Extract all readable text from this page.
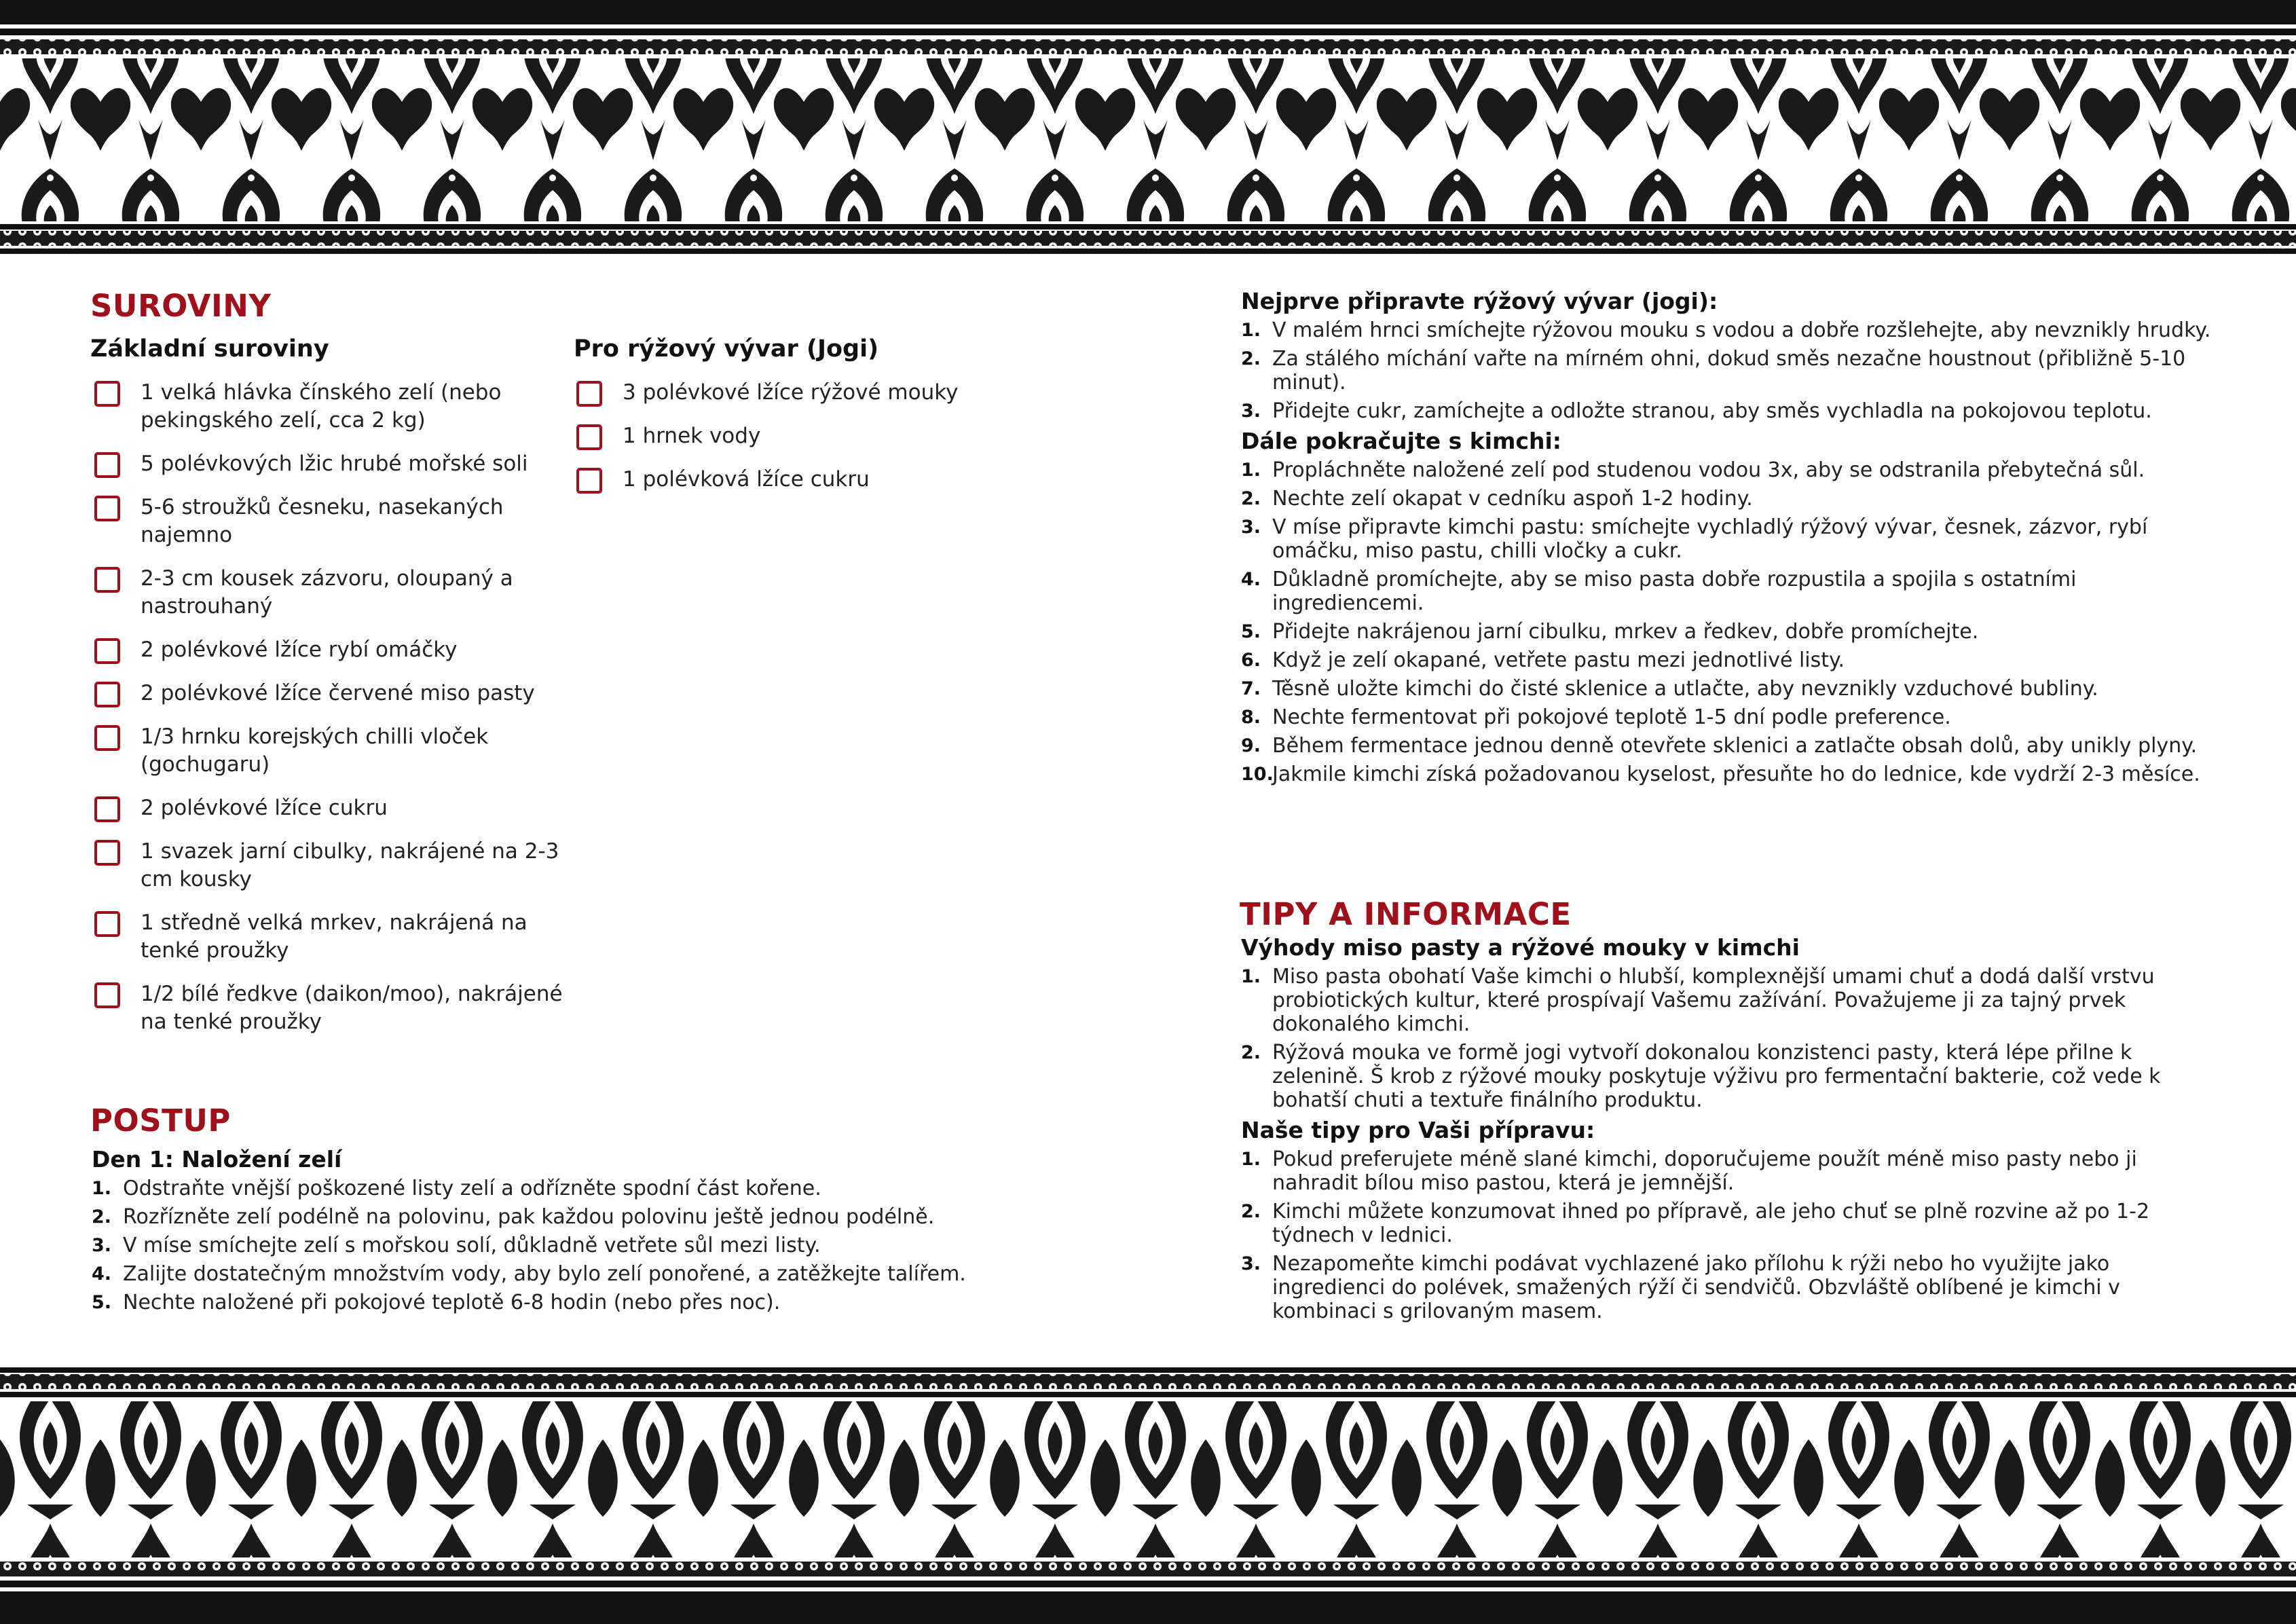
SUROVINY
Základní suroviny
1 velká hlávka čínského zelí (nebo pekingského zelí, cca 2 kg)
5 polévkových lžic hrubé mořské soli
5-6 stroužků česneku, nasekaných najemno
2-3 cm kousek zázvoru, oloupaný a nastrouhaný
2 polévkové lžíce rybí omáčky
2 polévkové lžíce červené miso pasty
1/3 hrnku korejských chilli vloček (gochugaru)
2 polévkové lžíce cukru
1 svazek jarní cibulky, nakrájené na 2-3 cm kousky
1 středně velká mrkev, nakrájená na tenké proužky
1/2 bílé ředkve (daikon/moo), nakrájené na tenké proužky
Pro rýžový vývar (Jogi)
3 polévkové lžíce rýžové mouky
1 hrnek vody
1 polévková lžíce cukru
POSTUP
Den 1: Naložení zelí
1. Odstraňte vnější poškozené listy zelí a odřízněte spodní část kořene.
2. Rozřízněte zelí podélně na polovinu, pak každou polovinu ještě jednou podélně.
3. V míse smíchejte zelí s mořskou solí, důkladně vetřete sůl mezi listy.
4. Zalijte dostatečným množstvím vody, aby bylo zelí ponořené, a zatěžkejte talířem.
5. Nechte naložené při pokojové teplotě 6-8 hodin (nebo přes noc).
Nejprve připravte rýžový vývar (jogi):
1. V malém hrnci smíchejte rýžovou mouku s vodou a dobře rozšlehejte, aby nevznikly hrudky.
2. Za stálého míchání vařte na mírném ohni, dokud směs nezačne houstnout (přibližně 5-10 minut).
3. Přidejte cukr, zamíchejte a odložte stranou, aby směs vychladla na pokojovou teplotu.
Dále pokračujte s kimchi:
1. Propláchněte naložené zelí pod studenou vodou 3x, aby se odstranila přebytečná sůl.
2. Nechte zelí okapat v cedníku aspoň 1-2 hodiny.
3. V míse připravte kimchi pastu: smíchejte vychladlý rýžový vývar, česnek, zázvor, rybí omáčku, miso pastu, chilli vločky a cukr.
4. Důkladně promíchejte, aby se miso pasta dobře rozpustila a spojila s ostatními ingrediencemi.
5. Přidejte nakrájenou jarní cibulku, mrkev a ředkev, dobře promíchejte.
6. Když je zelí okapané, vetřete pastu mezi jednotlivé listy.
7. Těsně uložte kimchi do čisté sklenice a utlačte, aby nevznikly vzduchové bubliny.
8. Nechte fermentovat při pokojové teplotě 1-5 dní podle preference.
9. Během fermentace jednou denně otevřete sklenici a zatlačte obsah dolů, aby unikly plyny.
10.
Jakmile kimchi získá požadovanou kyselost, přesuňte ho do lednice, kde vydrží 2-3 měsíce.
TIPY A INFORMACE
Výhody miso pasty a rýžové mouky v kimchi
1. Miso pasta obohatí Vaše kimchi o hlubší, komplexnější umami chuť a dodá další vrstvu probiotických kultur, které prospívají Vašemu zažívání. Považujeme ji za tajný prvek dokonalého kimchi.
2. Rýžová mouka ve formě jogi vytvoří dokonalou konzistenci pasty, která lépe přilne k zelenině. Š krob z rýžové mouky poskytuje výživu pro fermentační bakterie, což vede k bohatší chuti a textuře finálního produktu.
Naše tipy pro Vaši přípravu:
1. Pokud preferujete méně slané kimchi, doporučujeme použít méně miso pasty nebo ji nahradit bílou miso pastou, která je jemnější.
2. Kimchi můžete konzumovat ihned po přípravě, ale jeho chuť se plně rozvine až po 1-2 týdnech v lednici.
3. Nezapomeňte kimchi podávat vychlazené jako přílohu k rýži nebo ho využijte jako ingredienci do polévek, smažených rýží či sendvičů. Obzvláště oblíbené je kimchi v kombinaci s grilovaným masem.
